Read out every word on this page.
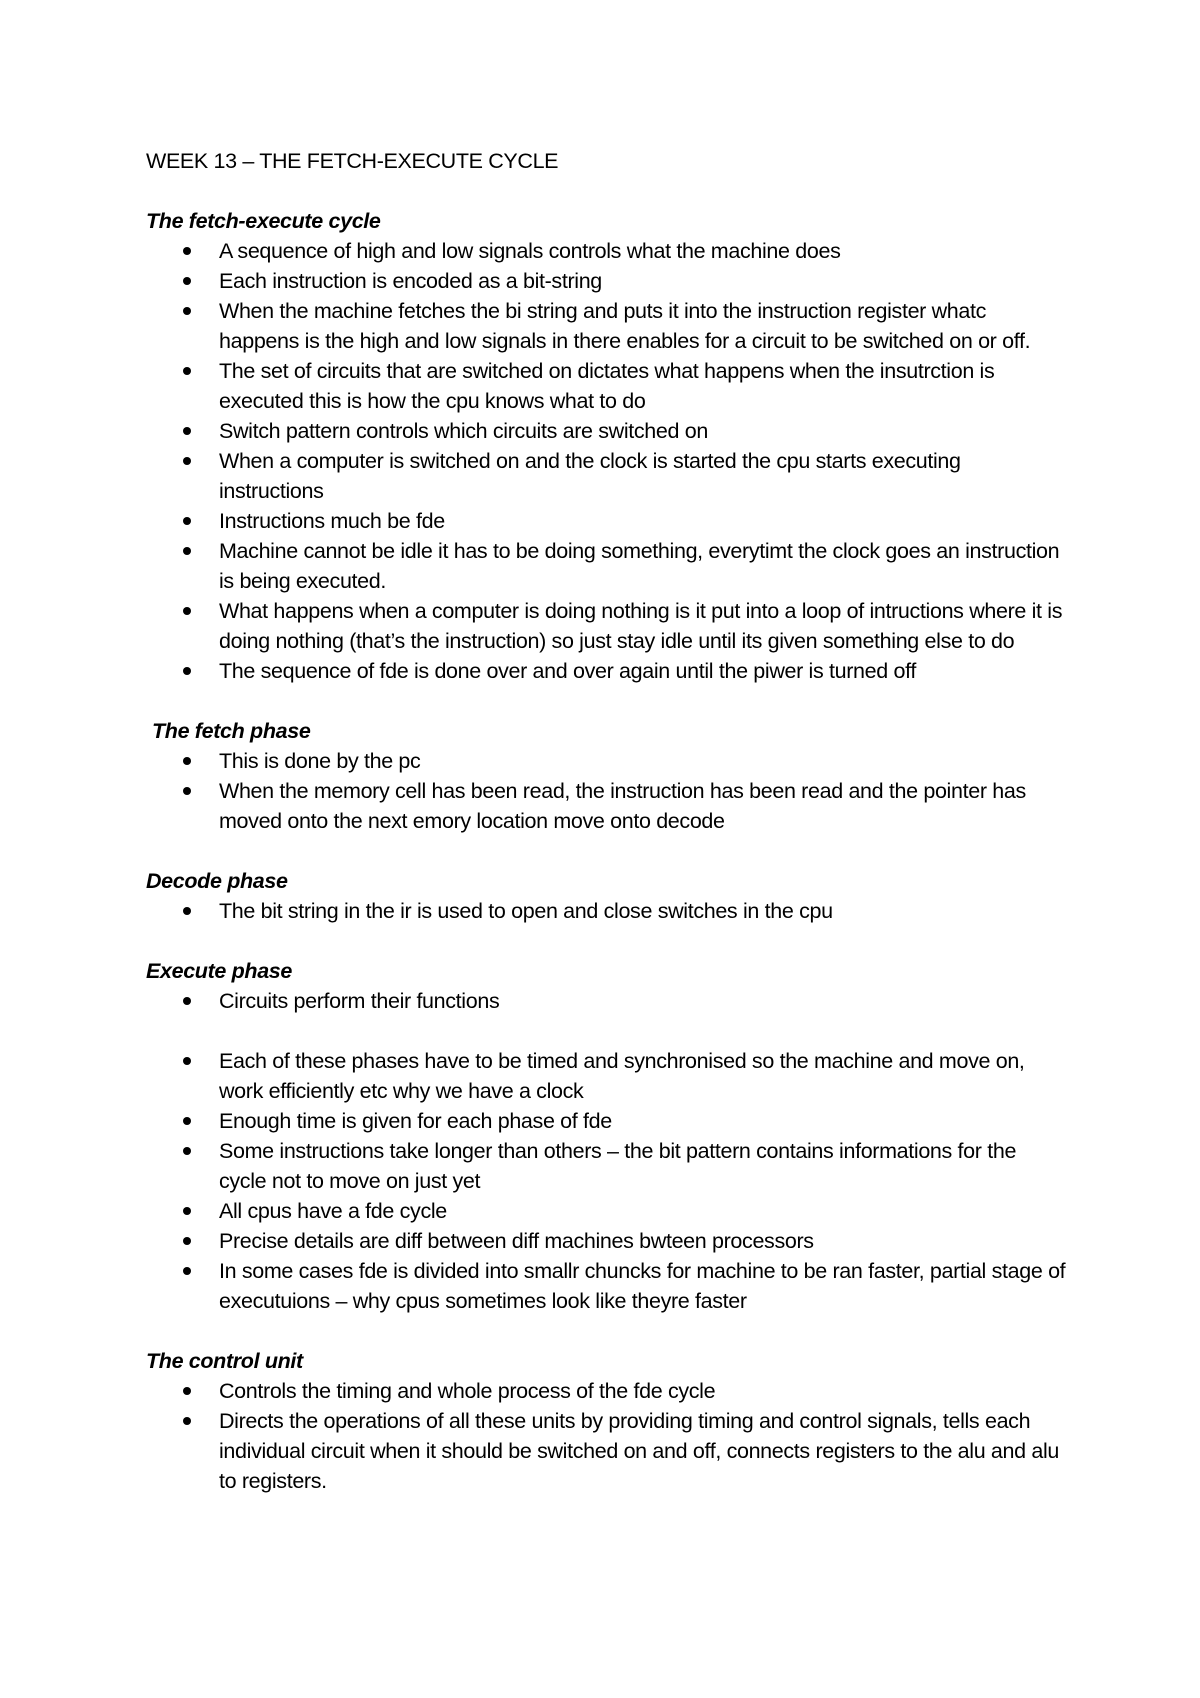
WEEK 13 – THE FETCH-EXECUTE CYCLE
The fetch-execute cycle
A sequence of high and low signals controls what the machine does
Each instruction is encoded as a bit-string
When the machine fetches the bi string and puts it into the instruction register whatc happens is the high and low signals in there enables for a circuit to be switched on or off.
The set of circuits that are switched on dictates what happens when the insutrction is executed this is how the cpu knows what to do
Switch pattern controls which circuits are switched on
When a computer is switched on and the clock is started the cpu starts executing instructions
Instructions much be fde
Machine cannot be idle it has to be doing something, everytimt the clock goes an instruction is being executed.
What happens when a computer is doing nothing is it put into a loop of intructions where it is doing nothing (that’s the instruction) so just stay idle until its given something else to do
The sequence of fde is done over and over again until the piwer is turned off
The fetch phase
This is done by the pc
When the memory cell has been read, the instruction has been read and the pointer has moved onto the next emory location move onto decode
Decode phase
The bit string in the ir is used to open and close switches in the cpu
Execute phase
Circuits perform their functions
Each of these phases have to be timed and synchronised so the machine and move on, work efficiently etc why we have a clock
Enough time is given for each phase of fde
Some instructions take longer than others – the bit pattern contains informations for the cycle not to move on just yet
All cpus have a fde cycle
Precise details are diff between diff machines bwteen processors
In some cases fde is divided into smallr chuncks for machine to be ran faster, partial stage of executuions – why cpus sometimes look like theyre faster
The control unit
Controls the timing and whole process of the fde cycle
Directs the operations of all these units by providing timing and control signals, tells each individual circuit when it should be switched on and off, connects registers to the alu and alu to registers.
